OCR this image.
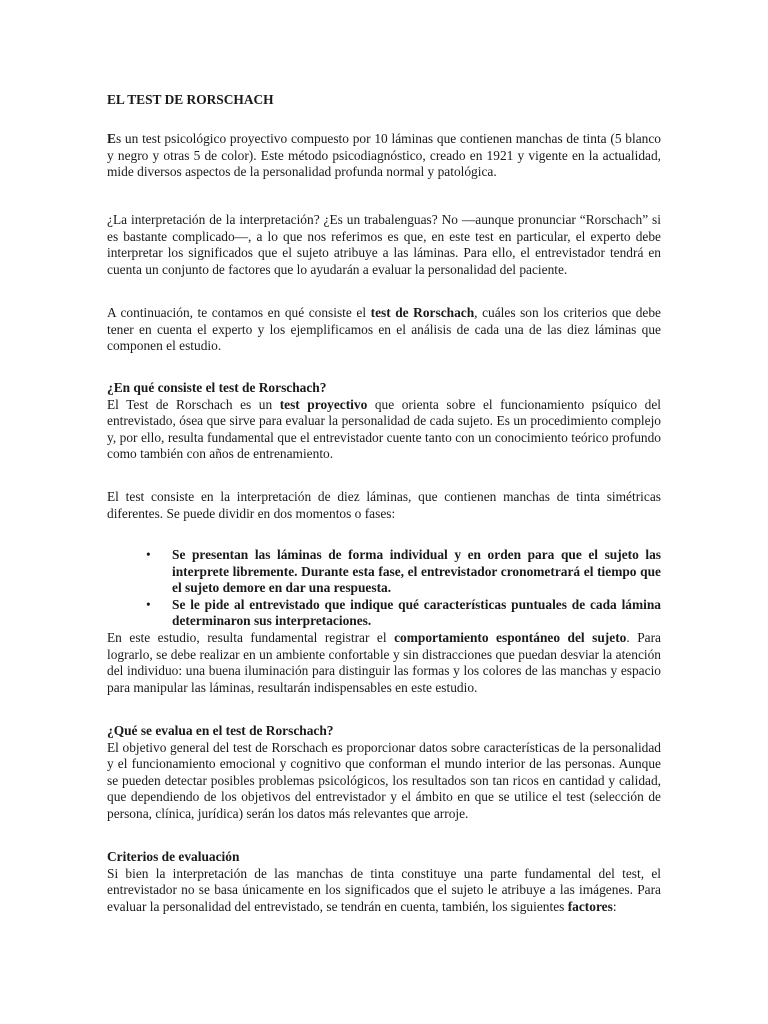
EL TEST DE RORSCHACH

Es un test psicológico proyectivo compuesto por 10 láminas que contienen manchas de tinta (5 blanco y negro y otras 5 de color). Este método psicodiagnóstico, creado en 1921 y vigente en la actualidad, mide diversos aspectos de la personalidad profunda normal y patológica.

¿La interpretación de la interpretación? ¿Es un trabalenguas? No —aunque pronunciar “Rorschach” si es bastante complicado—, a lo que nos referimos es que, en este test en particular, el experto debe interpretar los significados que el sujeto atribuye a las láminas. Para ello, el entrevistador tendrá en cuenta un conjunto de factores que lo ayudarán a evaluar la personalidad del paciente.

A continuación, te contamos en qué consiste el test de Rorschach, cuáles son los criterios que debe tener en cuenta el experto y los ejemplificamos en el análisis de cada una de las diez láminas que componen el estudio.

¿En qué consiste el test de Rorschach?

El Test de Rorschach es un test proyectivo que orienta sobre el funcionamiento psíquico del entrevistado, ósea que sirve para evaluar la personalidad de cada sujeto. Es un procedimiento complejo y, por ello, resulta fundamental que el entrevistador cuente tanto con un conocimiento teórico profundo como también con años de entrenamiento.

El test consiste en la interpretación de diez láminas, que contienen manchas de tinta simétricas diferentes. Se puede dividir en dos momentos o fases:

• Se presentan las láminas de forma individual y en orden para que el sujeto las interprete libremente. Durante esta fase, el entrevistador cronometrará el tiempo que el sujeto demore en dar una respuesta.
• Se le pide al entrevistado que indique qué características puntuales de cada lámina determinaron sus interpretaciones.

En este estudio, resulta fundamental registrar el comportamiento espontáneo del sujeto. Para lograrlo, se debe realizar en un ambiente confortable y sin distracciones que puedan desviar la atención del individuo: una buena iluminación para distinguir las formas y los colores de las manchas y espacio para manipular las láminas, resultarán indispensables en este estudio.

¿Qué se evalua en el test de Rorschach?

El objetivo general del test de Rorschach es proporcionar datos sobre características de la personalidad y el funcionamiento emocional y cognitivo que conforman el mundo interior de las personas. Aunque se pueden detectar posibles problemas psicológicos, los resultados son tan ricos en cantidad y calidad, que dependiendo de los objetivos del entrevistador y el ámbito en que se utilice el test (selección de persona, clínica, jurídica) serán los datos más relevantes que arroje.

Criterios de evaluación

Si bien la interpretación de las manchas de tinta constituye una parte fundamental del test, el entrevistador no se basa únicamente en los significados que el sujeto le atribuye a las imágenes. Para evaluar la personalidad del entrevistado, se tendrán en cuenta, también, los siguientes factores:
